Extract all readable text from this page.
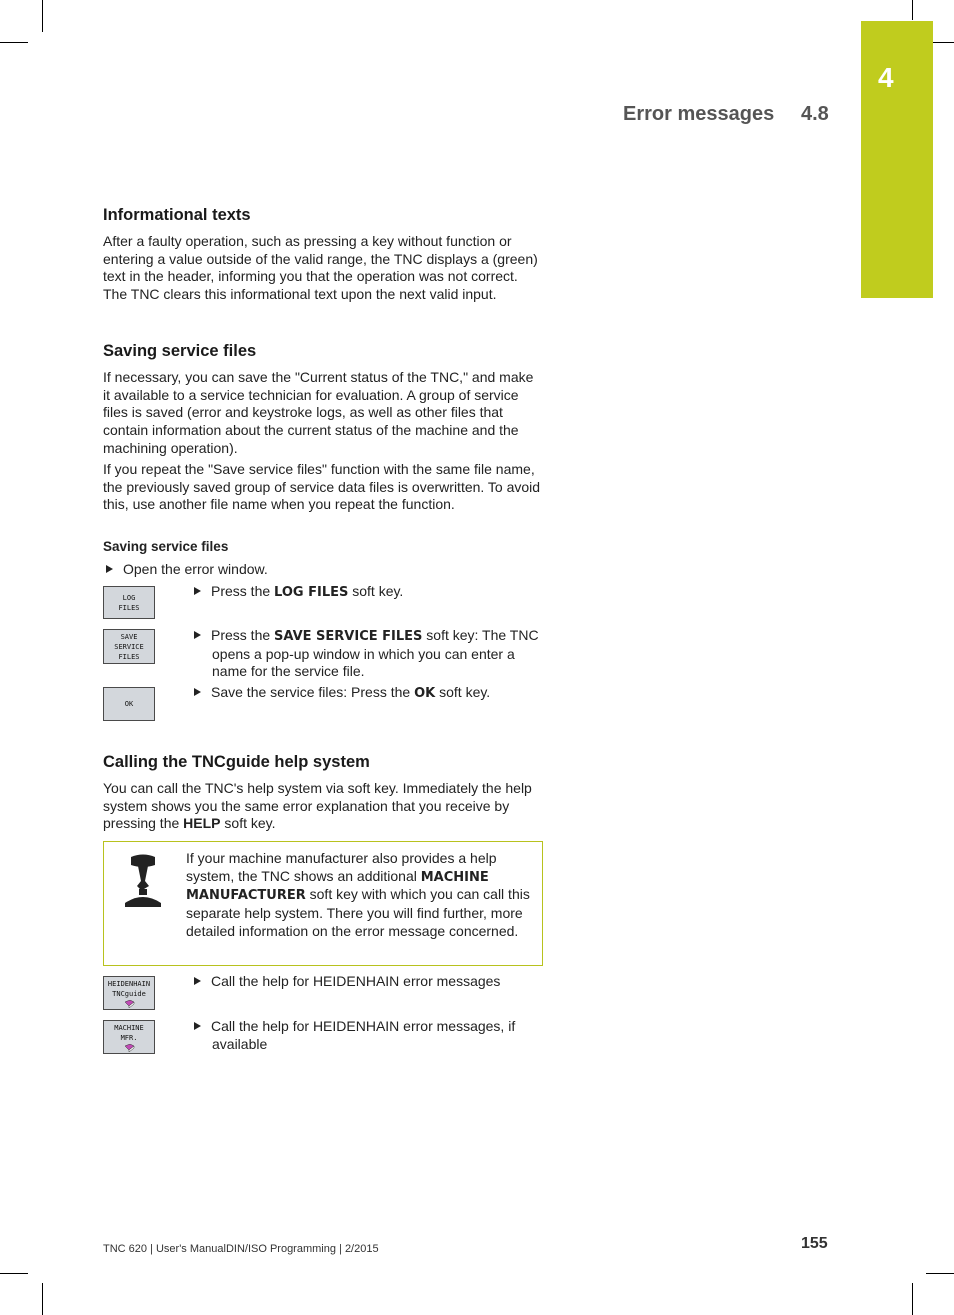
4
Error messages 4.8
Informational texts

After a faulty operation, such as pressing a key without function or entering a value outside of the valid range, the TNC displays a (green) text in the header, informing you that the operation was not correct. The TNC clears this informational text upon the next valid input.

Saving service files

If necessary, you can save the "Current status of the TNC," and make it available to a service technician for evaluation. A group of service files is saved (error and keystroke logs, as well as other files that contain information about the current status of the machine and the machining operation).

If you repeat the "Save service files" function with the same file name, the previously saved group of service data files is overwritten. To avoid this, use another file name when you repeat the function.

Saving service files
Open the error window.
LOG
FILES
Press the LOG FILES soft key.
SAVE
SERVICE
FILES
Press the SAVE SERVICE FILES soft key: The TNC opens a pop-up window in which you can enter a name for the service file.
OK
Save the service files: Press the OK soft key.
Calling the TNCguide help system

You can call the TNC's help system via soft key. Immediately the help system shows you the same error explanation that you receive by pressing the HELP soft key.

If your machine manufacturer also provides a help system, the TNC shows an additional MACHINE MANUFACTURER soft key with which you can call this separate help system. There you will find further, more detailed information on the error message concerned.

HEIDENHAIN
TNCguide
Call the help for HEIDENHAIN error messages
MACHINE
MFR.
Call the help for HEIDENHAIN error messages, if available
TNC 620 | User's ManualDIN/ISO Programming | 2/2015	155
